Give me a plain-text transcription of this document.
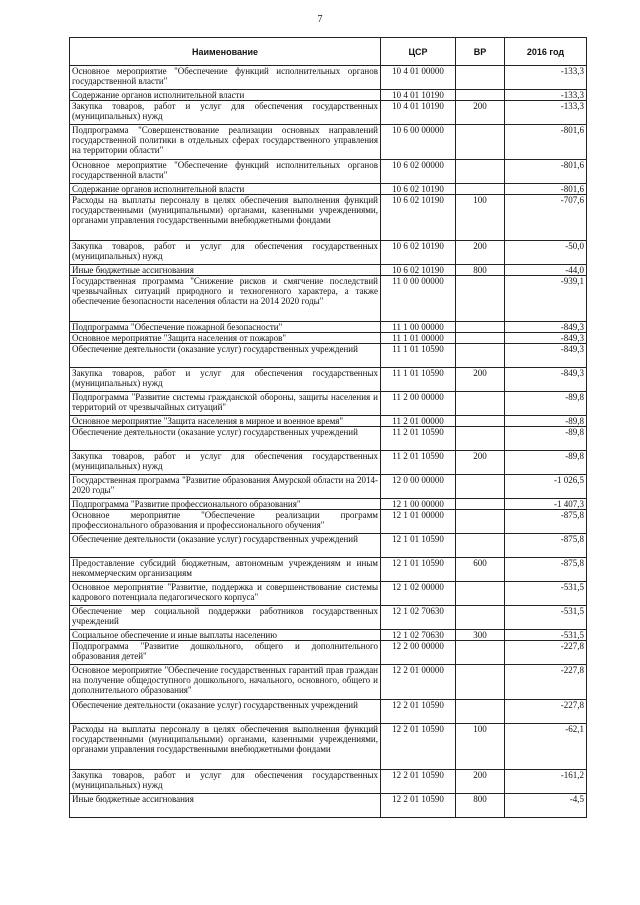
7
Наименование	ЦСР	ВР	2016 год
Основное мероприятие "Обеспечение функций исполнительных органов государственной власти"	10 4 01 00000		-133,3
Содержание органов исполнительной власти	10 4 01 10190		-133,3
Закупка товаров, работ и услуг для обеспечения государственных (муниципальных) нужд	10 4 01 10190	200	-133,3
Подпрограмма "Совершенствование реализации основных направлений государственной политики в отдельных сферах государственного управления на территории области"	10 6 00 00000		-801,6
Основное мероприятие "Обеспечение функций исполнительных органов государственной власти"	10 6 02 00000		-801,6
Содержание органов исполнительной власти	10 6 02 10190		-801,6
Расходы на выплаты персоналу в целях обеспечения выполнения функций государственными (муниципальными) органами, казенными учреждениями, органами управления государственными внебюджетными фондами	10 6 02 10190	100	-707,6
Закупка товаров, работ и услуг для обеспечения государственных (муниципальных) нужд	10 6 02 10190	200	-50,0
Иные бюджетные ассигнования	10 6 02 10190	800	-44,0
Государственная программа "Снижение рисков и смягчение последствий чрезвычайных ситуаций природного и техногенного характера, а также обеспечение безопасности населения области на 2014 2020 годы"	11 0 00 00000		-939,1
Подпрограмма "Обеспечение пожарной безопасности"	11 1 00 00000		-849,3
Основное мероприятие "Защита населения от пожаров"	11 1 01 00000		-849,3
Обеспечение деятельности (оказание услуг) государственных учреждений	11 1 01 10590		-849,3
Закупка товаров, работ и услуг для обеспечения государственных (муниципальных) нужд	11 1 01 10590	200	-849,3
Подпрограмма "Развитие системы гражданской обороны, защиты населения и территорий от чрезвычайных ситуаций"	11 2 00 00000		-89,8
Основное мероприятие "Защита населения в мирное и военное время"	11 2 01 00000		-89,8
Обеспечение деятельности (оказание услуг) государственных учреждений	11 2 01 10590		-89,8
Закупка товаров, работ и услуг для обеспечения государственных (муниципальных) нужд	11 2 01 10590	200	-89,8
Государственная программа "Развитие образования Амурской области на 2014-2020 годы"	12 0 00 00000		-1 026,5
Подпрограмма "Развитие профессионального образования"	12 1 00 00000		-1 407,3
Основное мероприятие "Обеспечение реализации программ профессионального образования и профессионального обучения"	12 1 01 00000		-875,8
Обеспечение деятельности (оказание услуг) государственных учреждений	12 1 01 10590		-875,8
Предоставление субсидий бюджетным, автономным учреждениям и иным некоммерческим организациям	12 1 01 10590	600	-875,8
Основное мероприятие "Развитие, поддержка и совершенствование системы кадрового потенциала педагогического корпуса"	12 1 02 00000		-531,5
Обеспечение мер социальной поддержки работников государственных учреждений	12 1 02 70630		-531,5
Социальное обеспечение и иные выплаты населению	12 1 02 70630	300	-531,5
Подпрограмма "Развитие дошкольного, общего и дополнительного образования детей"	12 2 00 00000		-227,8
Основное мероприятие "Обеспечение государственных гарантий прав граждан на получение общедоступного дошкольного, начального, основного, общего и дополнительного образования"	12 2 01 00000		-227,8
Обеспечение деятельности (оказание услуг) государственных учреждений	12 2 01 10590		-227,8
Расходы на выплаты персоналу в целях обеспечения выполнения функций государственными (муниципальными) органами, казенными учреждениями, органами управления государственными внебюджетными фондами	12 2 01 10590	100	-62,1
Закупка товаров, работ и услуг для обеспечения государственных (муниципальных) нужд	12 2 01 10590	200	-161,2
Иные бюджетные ассигнования	12 2 01 10590	800	-4,5
